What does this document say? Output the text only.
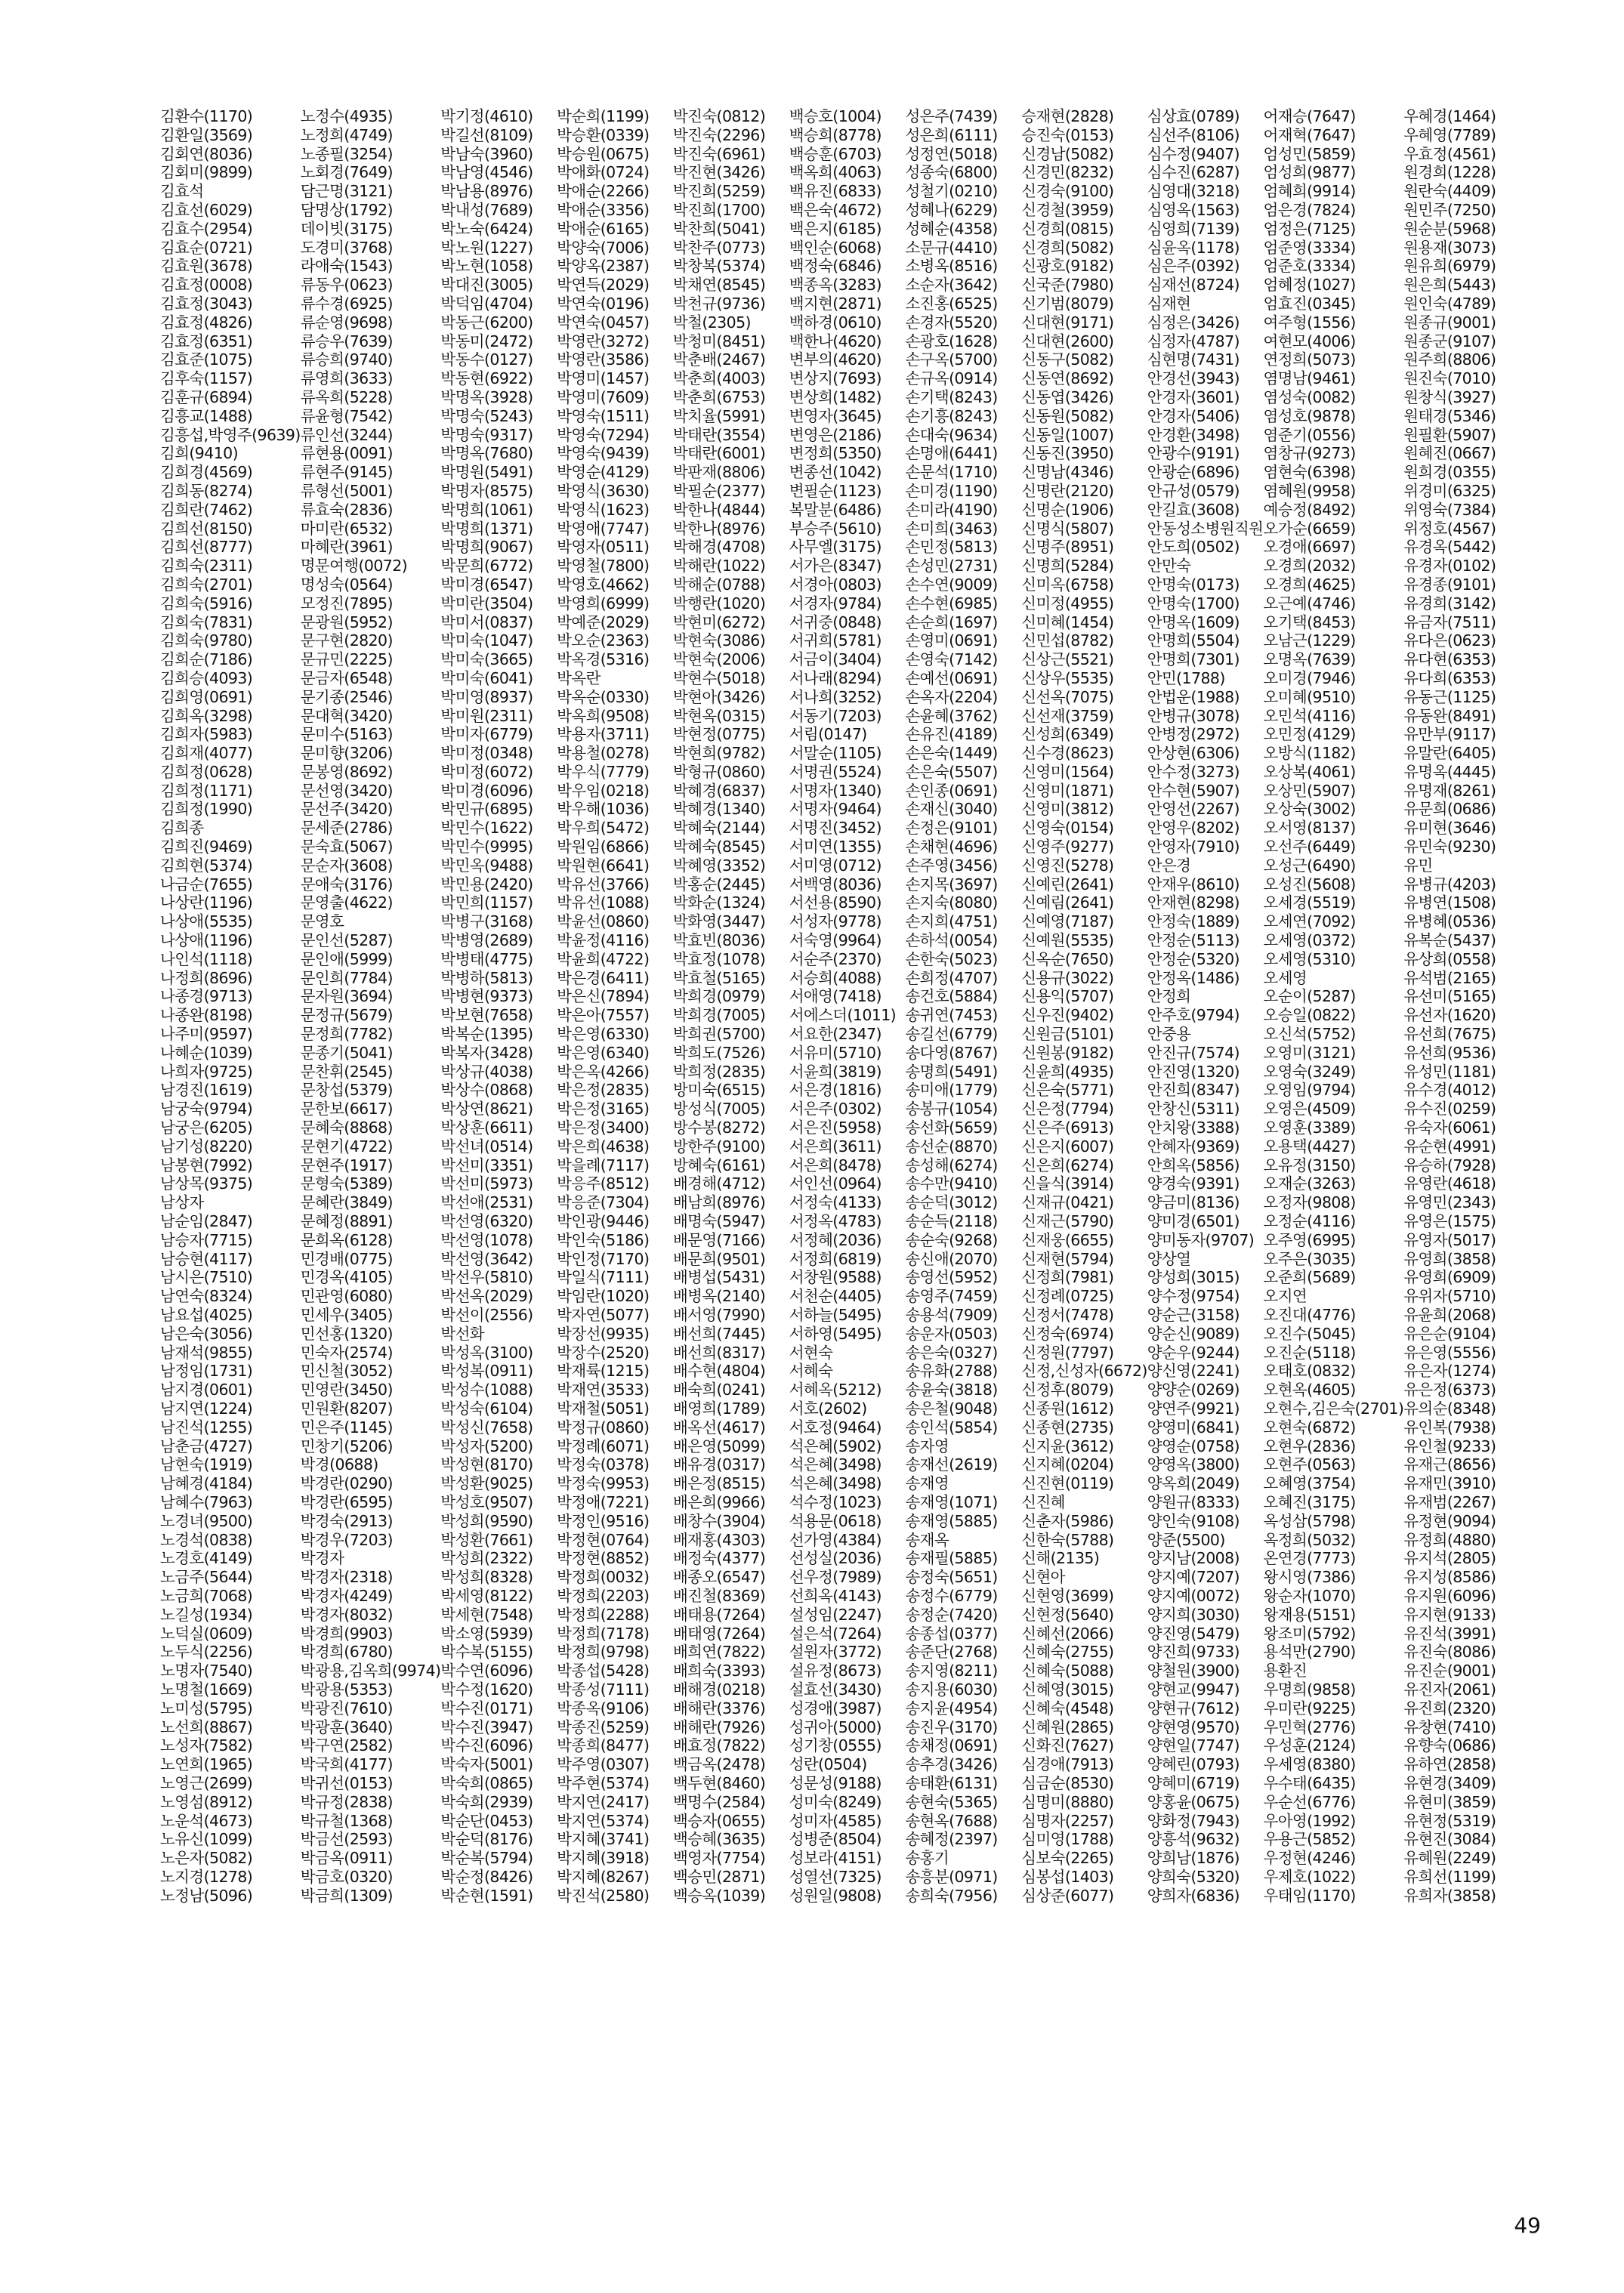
김환수(1170)
김환일(3569)
김회연(8036)
김회미(9899)
김효석
김효선(6029)
김효수(2954)
김효순(0721)
김효원(3678)
김효정(0008)
김효정(3043)
김효정(4826)
김효정(6351)
김효준(1075)
김후숙(1157)
김훈규(6894)
김흥교(1488)
김흥섭,박영주(9639)
김희(9410)
김희경(4569)
김희동(8274)
김희란(7462)
김희선(8150)
김희선(8777)
김희숙(2311)
김희숙(2701)
김희숙(5916)
김희숙(7831)
김희숙(9780)
김희순(7186)
김희승(4093)
김희영(0691)
김희옥(3298)
김희자(5983)
김희재(4077)
김희정(0628)
김희정(1171)
김희정(1990)
김희종
김희진(9469)
김희현(5374)
나금순(7655)
나상란(1196)
나상애(5535)
나상애(1196)
나인석(1118)
나정희(8696)
나종경(9713)
나종완(8198)
나주미(9597)
나혜순(1039)
나희자(9725)
남경진(1619)
남궁숙(9794)
남궁은(6205)
남기성(8220)
남봉현(7992)
남상목(9375)
남상자
남순임(2847)
남승자(7715)
남승현(4117)
남시은(7510)
남연숙(8324)
남요섭(4025)
남은숙(3056)
남재석(9855)
남정임(1731)
남지경(0601)
남지연(1224)
남진석(1255)
남춘금(4727)
남현숙(1919)
남혜경(4184)
남혜수(7963)
노경녀(9500)
노경석(0838)
노경호(4149)
노금주(5644)
노금희(7068)
노길성(1934)
노덕실(0609)
노두식(2256)
노명자(7540)
노명철(1669)
노미성(5795)
노선희(8867)
노성자(7582)
노연희(1965)
노영근(2699)
노영섬(8912)
노운석(4673)
노유신(1099)
노은자(5082)
노지경(1278)
노정남(5096)
노정수(4935)
노정희(4749)
노종필(3254)
노회경(7649)
담근명(3121)
담명상(1792)
데이빗(3175)
도경미(3768)
라애숙(1543)
류동우(0623)
류수경(6925)
류순영(9698)
류승우(7639)
류승희(9740)
류영희(3633)
류옥희(5228)
류윤형(7542)
류인선(3244)
류현용(0091)
류현주(9145)
류형선(5001)
류효숙(2836)
마미란(6532)
마혜란(3961)
명문여행(0072)
명성숙(0564)
모정진(7895)
문광원(5952)
문구현(2820)
문규민(2225)
문금자(6548)
문기종(2546)
문대혁(3420)
문미수(5163)
문미향(3206)
문봉영(8692)
문선영(3420)
문선주(3420)
문세준(2786)
문숙효(5067)
문순자(3608)
문애숙(3176)
문영출(4622)
문영호
문인선(5287)
문인애(5999)
문인희(7784)
문자원(3694)
문정규(5679)
문정희(7782)
문종기(5041)
문찬휘(2545)
문창섭(5379)
문한보(6617)
문혜숙(8868)
문현기(4722)
문현주(1917)
문형숙(5389)
문혜란(3849)
문혜정(8891)
문희옥(6128)
민경배(0775)
민경옥(4105)
민관영(6080)
민세우(3405)
민선홍(1320)
민숙자(2574)
민신철(3052)
민영란(3450)
민원환(8207)
민은주(1145)
민창기(5206)
박경(0688)
박경란(0290)
박경란(6595)
박경숙(2913)
박경우(7203)
박경자
박경자(2318)
박경자(4249)
박경자(8032)
박경희(9903)
박경희(6780)
박광용,김옥희(9974)
박광용(5353)
박광진(7610)
박광훈(3640)
박구연(2582)
박국희(4177)
박귀선(0153)
박규정(2838)
박규철(1368)
박금선(2593)
박금옥(0911)
박금호(0320)
박금희(1309)
박기정(4610)
박길선(8109)
박남숙(3960)
박남영(4546)
박남용(8976)
박내성(7689)
박노숙(6424)
박노원(1227)
박노현(1058)
박대진(3005)
박덕임(4704)
박동근(6200)
박동미(2472)
박동수(0127)
박동현(6922)
박명옥(3928)
박명숙(5243)
박명숙(9317)
박명옥(7680)
박명원(5491)
박명자(8575)
박명희(1061)
박명희(1371)
박명희(9067)
박문희(6772)
박미경(6547)
박미란(3504)
박미서(0837)
박미숙(1047)
박미숙(3665)
박미숙(6041)
박미영(8937)
박미원(2311)
박미자(6779)
박미정(0348)
박미정(6072)
박미경(6096)
박민규(6895)
박민수(1622)
박민수(9995)
박민옥(9488)
박민용(2420)
박민희(1157)
박병구(3168)
박병영(2689)
박병태(4775)
박병하(5813)
박병현(9373)
박보현(7658)
박복순(1395)
박복자(3428)
박상규(4038)
박상수(0868)
박상연(8621)
박상훈(6611)
박선녀(0514)
박선미(3351)
박선미(5973)
박선애(2531)
박선영(6320)
박선영(1078)
박선영(3642)
박선우(5810)
박선옥(2029)
박선이(2556)
박선화
박성옥(3100)
박성복(0911)
박성수(1088)
박성숙(6104)
박성신(7658)
박성자(5200)
박성현(8170)
박성환(9025)
박성호(9507)
박성희(9590)
박성환(7661)
박성희(2322)
박성희(8328)
박세영(8122)
박세현(7548)
박소영(5939)
박수복(5155)
박수연(6096)
박수정(1620)
박수진(0171)
박수진(3947)
박수진(6096)
박숙자(5001)
박숙희(0865)
박숙희(2939)
박순단(0453)
박순덕(8176)
박순복(5794)
박순정(8426)
박순현(1591)
박순희(1199)
박승환(0339)
박승원(0675)
박애화(0724)
박애순(2266)
박애순(3356)
박애순(6165)
박양숙(7006)
박양옥(2387)
박연득(2029)
박연숙(0196)
박연숙(0457)
박영란(3272)
박영란(3586)
박영미(1457)
박영미(7609)
박영숙(1511)
박영숙(7294)
박영숙(9439)
박영순(4129)
박영식(3630)
박영식(1623)
박영애(7747)
박영자(0511)
박영철(7800)
박영호(4662)
박영희(6999)
박예준(2029)
박오순(2363)
박옥경(5316)
박옥란
박옥순(0330)
박옥희(9508)
박용자(3711)
박용철(0278)
박우식(7779)
박우임(0218)
박우해(1036)
박우희(5472)
박원임(6866)
박원현(6641)
박유선(3766)
박유선(1088)
박윤선(0860)
박윤정(4116)
박윤희(4722)
박은경(6411)
박은신(7894)
박은아(7557)
박은영(6330)
박은영(6340)
박은옥(4266)
박은정(2835)
박은정(3165)
박은정(3400)
박은희(4638)
박을례(7117)
박응주(8512)
박응준(7304)
박인광(9446)
박인숙(5186)
박인정(7170)
박일식(7111)
박임란(1020)
박자연(5077)
박장선(9935)
박장수(2520)
박재륙(1215)
박재연(3533)
박재철(5051)
박정규(0860)
박정례(6071)
박정숙(0378)
박정숙(9953)
박정애(7221)
박정인(9516)
박정현(0764)
박정현(8852)
박정희(0032)
박정희(2203)
박정희(2288)
박정희(7178)
박정희(9798)
박종섭(5428)
박종성(7111)
박종옥(9106)
박종진(5259)
박종희(8477)
박주영(0307)
박주현(5374)
박지연(2417)
박지연(5374)
박지혜(3741)
박지혜(3918)
박지혜(8267)
박진석(2580)
박진숙(0812)
박진숙(2296)
박진숙(6961)
박진현(3426)
박진희(5259)
박진희(1700)
박찬희(5041)
박찬주(0773)
박창복(5374)
박채연(8545)
박천규(9736)
박철(2305)
박청미(8451)
박춘배(2467)
박춘희(4003)
박춘희(6753)
박치율(5991)
박태란(3554)
박태란(6001)
박판재(8806)
박필순(2377)
박한나(4844)
박한나(8976)
박해경(4708)
박해란(1022)
박해순(0788)
박행란(1020)
박현미(6272)
박현숙(3086)
박현숙(2006)
박현수(5018)
박현아(3426)
박현옥(0315)
박현정(0775)
박현희(9782)
박형규(0860)
박혜경(6837)
박혜경(1340)
박혜숙(2144)
박혜숙(8545)
박혜영(3352)
박홍순(2445)
박화순(1324)
박화영(3447)
박효빈(8036)
박효정(1078)
박효철(5165)
박희경(0979)
박희경(7005)
박희권(5700)
박희도(7526)
박희정(2835)
방미숙(6515)
방성식(7005)
방수봉(8272)
방한주(9100)
방혜숙(6161)
배경해(4712)
배남희(8976)
배명숙(5947)
배문영(7166)
배문희(9501)
배병섭(5431)
배병옥(2140)
배서영(7990)
배선희(7445)
배선희(8317)
배수현(4804)
배숙희(0241)
배영희(1789)
배옥선(4617)
배은영(5099)
배유경(0317)
배은정(8515)
배은희(9966)
배창수(3904)
배재홍(4303)
배정숙(4377)
배종오(6547)
배진철(8369)
배태용(7264)
배태영(7264)
배희연(7822)
배희숙(3393)
배해경(0218)
배해란(3376)
배해란(7926)
배효정(7822)
백금옥(2478)
백두현(8460)
백명수(2584)
백승자(0655)
백승혜(3635)
백영자(7754)
백승민(2871)
백승옥(1039)
백승호(1004)
백승희(8778)
백승훈(6703)
백옥희(4063)
백유진(6833)
백은숙(4672)
백은지(6185)
백인순(6068)
백정숙(6846)
백종옥(3283)
백지현(2871)
백하경(0610)
백한나(4620)
변부의(4620)
변상지(7693)
변상희(1482)
변영자(3645)
변영은(2186)
변정희(5350)
변종선(1042)
변필순(1123)
복말분(6486)
부승주(5610)
사무엘(3175)
서가은(8347)
서경아(0803)
서경자(9784)
서귀중(0848)
서귀희(5781)
서금이(3404)
서나래(8294)
서나희(3252)
서동기(7203)
서림(0147)
서말순(1105)
서명권(5524)
서명자(1340)
서명자(9464)
서명진(3452)
서미연(1355)
서미영(0712)
서백영(8036)
서선용(8590)
서성자(9778)
서숙영(9964)
서순주(2370)
서승희(4088)
서애영(7418)
서에스더(1011)
서요한(2347)
서유미(5710)
서윤희(3819)
서은경(1816)
서은주(0302)
서은진(5958)
서은희(3611)
서은희(8478)
서인선(0964)
서정숙(4133)
서정옥(4783)
서정혜(2036)
서정희(6819)
서창원(9588)
서천순(4405)
서하늘(5495)
서하영(5495)
서현숙
서혜숙
서혜옥(5212)
서호(2602)
서호정(9464)
석은혜(5902)
석은혜(3498)
석은혜(3498)
석수정(1023)
석용문(0618)
선가영(4384)
선성실(2036)
선우정(7989)
선희옥(4143)
설성임(2247)
설은석(7264)
설원자(3772)
설유정(8673)
설효선(3430)
성경애(3987)
성귀아(5000)
성기창(0555)
성란(0504)
성문성(9188)
성미숙(8249)
성미자(4585)
성병준(8504)
성보라(4151)
성열선(7325)
성원일(9808)
성은주(7439)
성은희(6111)
성정연(5018)
성종숙(6800)
성철기(0210)
성혜나(6229)
성혜순(4358)
소문규(4410)
소병옥(8516)
소순자(3642)
소진홍(6525)
손경자(5520)
손광호(1628)
손구옥(5700)
손규옥(0914)
손기택(8243)
손기흥(8243)
손대숙(9634)
손명애(6441)
손문석(1710)
손미경(1190)
손미라(4190)
손미희(3463)
손민정(5813)
손성민(2731)
손수연(9009)
손수현(6985)
손순희(1697)
손영미(0691)
손영숙(7142)
손예선(0691)
손옥자(2204)
손윤혜(3762)
손유진(4189)
손은숙(1449)
손은숙(5507)
손인종(0691)
손재신(3040)
손정은(9101)
손채현(4696)
손주영(3456)
손지목(3697)
손지숙(8080)
손지희(4751)
손하석(0054)
손한숙(5023)
손희정(4707)
송건호(5884)
송귀연(7453)
송길선(6779)
송다영(8767)
송명희(5491)
송미애(1779)
송봉규(1054)
송선화(5659)
송선순(8870)
송성해(6274)
송수만(9410)
송순덕(3012)
송순득(2118)
송순숙(9268)
송신애(2070)
송영선(5952)
송영주(7459)
송용석(7909)
송운자(0503)
송은숙(0327)
송유화(2788)
송윤숙(3818)
송은철(9048)
송인석(5854)
송자영
송재선(2619)
송재영
송재영(1071)
송재영(5885)
송재옥
송재필(5885)
송정숙(5651)
송정수(6779)
송정순(7420)
송종섭(0377)
송준단(2768)
송지영(8211)
송지용(6030)
송지윤(4954)
송진우(3170)
송채정(0691)
송추경(3426)
송태환(6131)
송현숙(5365)
송현옥(7688)
송혜정(2397)
송홍기
송흥분(0971)
송희숙(7956)
승재현(2828)
승진숙(0153)
신경남(5082)
신경민(8232)
신경숙(9100)
신경철(3959)
신경희(0815)
신경희(5082)
신광호(9182)
신국준(7980)
신기범(8079)
신대현(9171)
신대현(2600)
신동구(5082)
신동연(8692)
신동엽(3426)
신동원(5082)
신동일(1007)
신동진(3950)
신명남(4346)
신명란(2120)
신명순(1906)
신명식(5807)
신명주(8951)
신명희(5284)
신미옥(6758)
신미정(4955)
신미혜(1454)
신민섭(8782)
신상근(5521)
신상우(5535)
신선옥(7075)
신선재(3759)
신성희(6349)
신수경(8623)
신영미(1564)
신영미(1871)
신영미(3812)
신영숙(0154)
신영주(9277)
신영진(5278)
신예린(2641)
신예림(2641)
신예영(7187)
신예원(5535)
신옥순(7650)
신용규(3022)
신용익(5707)
신우진(9402)
신원금(5101)
신원봉(9182)
신윤희(4935)
신은숙(5771)
신은정(7794)
신은주(6913)
신은지(6007)
신은희(6274)
신을식(3914)
신재규(0421)
신재근(5790)
신재웅(6655)
신재현(5794)
신정희(7981)
신정례(0725)
신정서(7478)
신정숙(6974)
신정원(7797)
신정,신성자(6672)
신정후(8079)
신종원(1612)
신종현(2735)
신지윤(3612)
신지혜(0204)
신진현(0119)
신진혜
신춘자(5986)
신한숙(5788)
신해(2135)
신현아
신현영(3699)
신현정(5640)
신혜선(2066)
신혜숙(2755)
신혜숙(5088)
신혜영(3015)
신혜숙(4548)
신혜원(2865)
신화진(7627)
심경애(7913)
심금순(8530)
심명미(8880)
심명자(2257)
심미영(1788)
심보숙(2265)
심봉섭(1403)
심상준(6077)
심상효(0789)
심선주(8106)
심수정(9407)
심수진(6287)
심영대(3218)
심영옥(1563)
심영희(7139)
심윤옥(1178)
심은주(0392)
심재선(8724)
심재현
심정은(3426)
심정자(4787)
심현명(7431)
안경선(3943)
안경자(3601)
안경자(5406)
안경환(3498)
안광수(9191)
안광순(6896)
안규성(0579)
안길효(3608)
안동성소병원직원
안도희(0502)
안만숙
안명숙(0173)
안명숙(1700)
안명옥(1609)
안명희(5504)
안명희(7301)
안민(1788)
안법운(1988)
안병규(3078)
안병정(2972)
안상현(6306)
안수정(3273)
안수현(5907)
안영선(2267)
안영우(8202)
안영자(7910)
안은경
안재우(8610)
안재현(8298)
안정숙(1889)
안정순(5113)
안정순(5320)
안정옥(1486)
안정희
안주호(9794)
안중용
안진규(7574)
안진영(1320)
안진희(8347)
안창신(5311)
안치왕(3388)
안혜자(9369)
안희옥(5856)
양경숙(9391)
양금미(8136)
양미경(6501)
양미동자(9707)
양상열
양성희(3015)
양수정(9754)
양순근(3158)
양순신(9089)
양순우(9244)
양신영(2241)
양양순(0269)
양연주(9921)
양영미(6841)
양영순(0758)
양영옥(3800)
양옥희(2049)
양원규(8333)
양인숙(9108)
양준(5500)
양지남(2008)
양지예(7207)
양지예(0072)
양지희(3030)
양진영(5479)
양진희(9733)
양철원(3900)
양현교(9947)
양현규(7612)
양현영(9570)
양현일(7747)
양혜린(0793)
양혜미(6719)
양홍윤(0675)
양화정(7943)
양흥석(9632)
양희남(1876)
양희숙(5320)
양희자(6836)
어재승(7647)
어재혁(7647)
엄성민(5859)
엄성희(9877)
엄혜희(9914)
엄은경(7824)
엄정은(7125)
엄준영(3334)
엄준호(3334)
엄혜정(1027)
엄효진(0345)
여주형(1556)
여현모(4006)
연정희(5073)
염명남(9461)
염성숙(0082)
염성호(9878)
염준기(0556)
염창규(9273)
염현숙(6398)
염혜원(9958)
예승정(8492)
오가순(6659)
오경애(6697)
오경희(2032)
오경희(4625)
오근예(4746)
오기택(8453)
오남근(1229)
오명옥(7639)
오미경(7946)
오미혜(9510)
오민석(4116)
오민정(4129)
오방식(1182)
오상복(4061)
오상민(5907)
오상숙(3002)
오서영(8137)
오선주(6449)
오성근(6490)
오성진(5608)
오세경(5519)
오세연(7092)
오세영(0372)
오세영(5310)
오세영
오순이(5287)
오승일(0822)
오신석(5752)
오영미(3121)
오영숙(3249)
오영임(9794)
오영은(4509)
오영훈(3389)
오용택(4427)
오유정(3150)
오재순(3263)
오정자(9808)
오정순(4116)
오주영(6995)
오주은(3035)
오준희(5689)
오지연
오진대(4776)
오진수(5045)
오진순(5118)
오태호(0832)
오현옥(4605)
오현수,김은숙(2701)
오현숙(6872)
오현우(2836)
오현주(0563)
오혜영(3754)
오혜진(3175)
옥성삼(5798)
옥정희(5032)
온연경(7773)
왕시영(7386)
왕순자(1070)
왕재용(5151)
왕조미(5792)
용석만(2790)
용환진
우명희(9858)
우미란(9225)
우민혁(2776)
우성훈(2124)
우세영(8380)
우수태(6435)
우순선(6776)
우아영(1992)
우용근(5852)
우정현(4246)
우제호(1022)
우태임(1170)
우혜경(1464)
우혜영(7789)
우효정(4561)
원경희(1228)
원란숙(4409)
원민주(7250)
원순분(5968)
원용재(3073)
원유희(6979)
원은희(5443)
원인숙(4789)
원종규(9001)
원종군(9107)
원주희(8806)
원진숙(7010)
원창식(3927)
원태경(5346)
원필환(5907)
원혜진(0667)
원희경(0355)
위경미(6325)
위영숙(7384)
위정호(4567)
유경옥(5442)
유경자(0102)
유경종(9101)
유경희(3142)
유금자(7511)
유다은(0623)
유다현(6353)
유다희(6353)
유동근(1125)
유동완(8491)
유만부(9117)
유말란(6405)
유명옥(4445)
유명재(8261)
유문희(0686)
유미현(3646)
유민숙(9230)
유민
유병규(4203)
유병연(1508)
유병혜(0536)
유복순(5437)
유상희(0558)
유석범(2165)
유선미(5165)
유선자(1620)
유선희(7675)
유선희(9536)
유성민(1181)
유수경(4012)
유수진(0259)
유숙자(6061)
유순현(4991)
유승하(7928)
유영란(4618)
유영민(2343)
유영은(1575)
유영자(5017)
유영희(3858)
유영희(6909)
유위자(5710)
유윤희(2068)
유은순(9104)
유은영(5556)
유은자(1274)
유은정(6373)
유의순(8348)
유인복(7938)
유인철(9233)
유재근(8656)
유재민(3910)
유재범(2267)
유정현(9094)
유정희(4880)
유지석(2805)
유지성(8586)
유지원(6096)
유지현(9133)
유진석(3991)
유진숙(8086)
유진순(9001)
유진자(2061)
유진희(2320)
유창현(7410)
유향숙(0686)
유하연(2858)
유현경(3409)
유현미(3859)
유현정(5319)
유현진(3084)
유혜원(2249)
유희선(1199)
유희자(3858)
49
